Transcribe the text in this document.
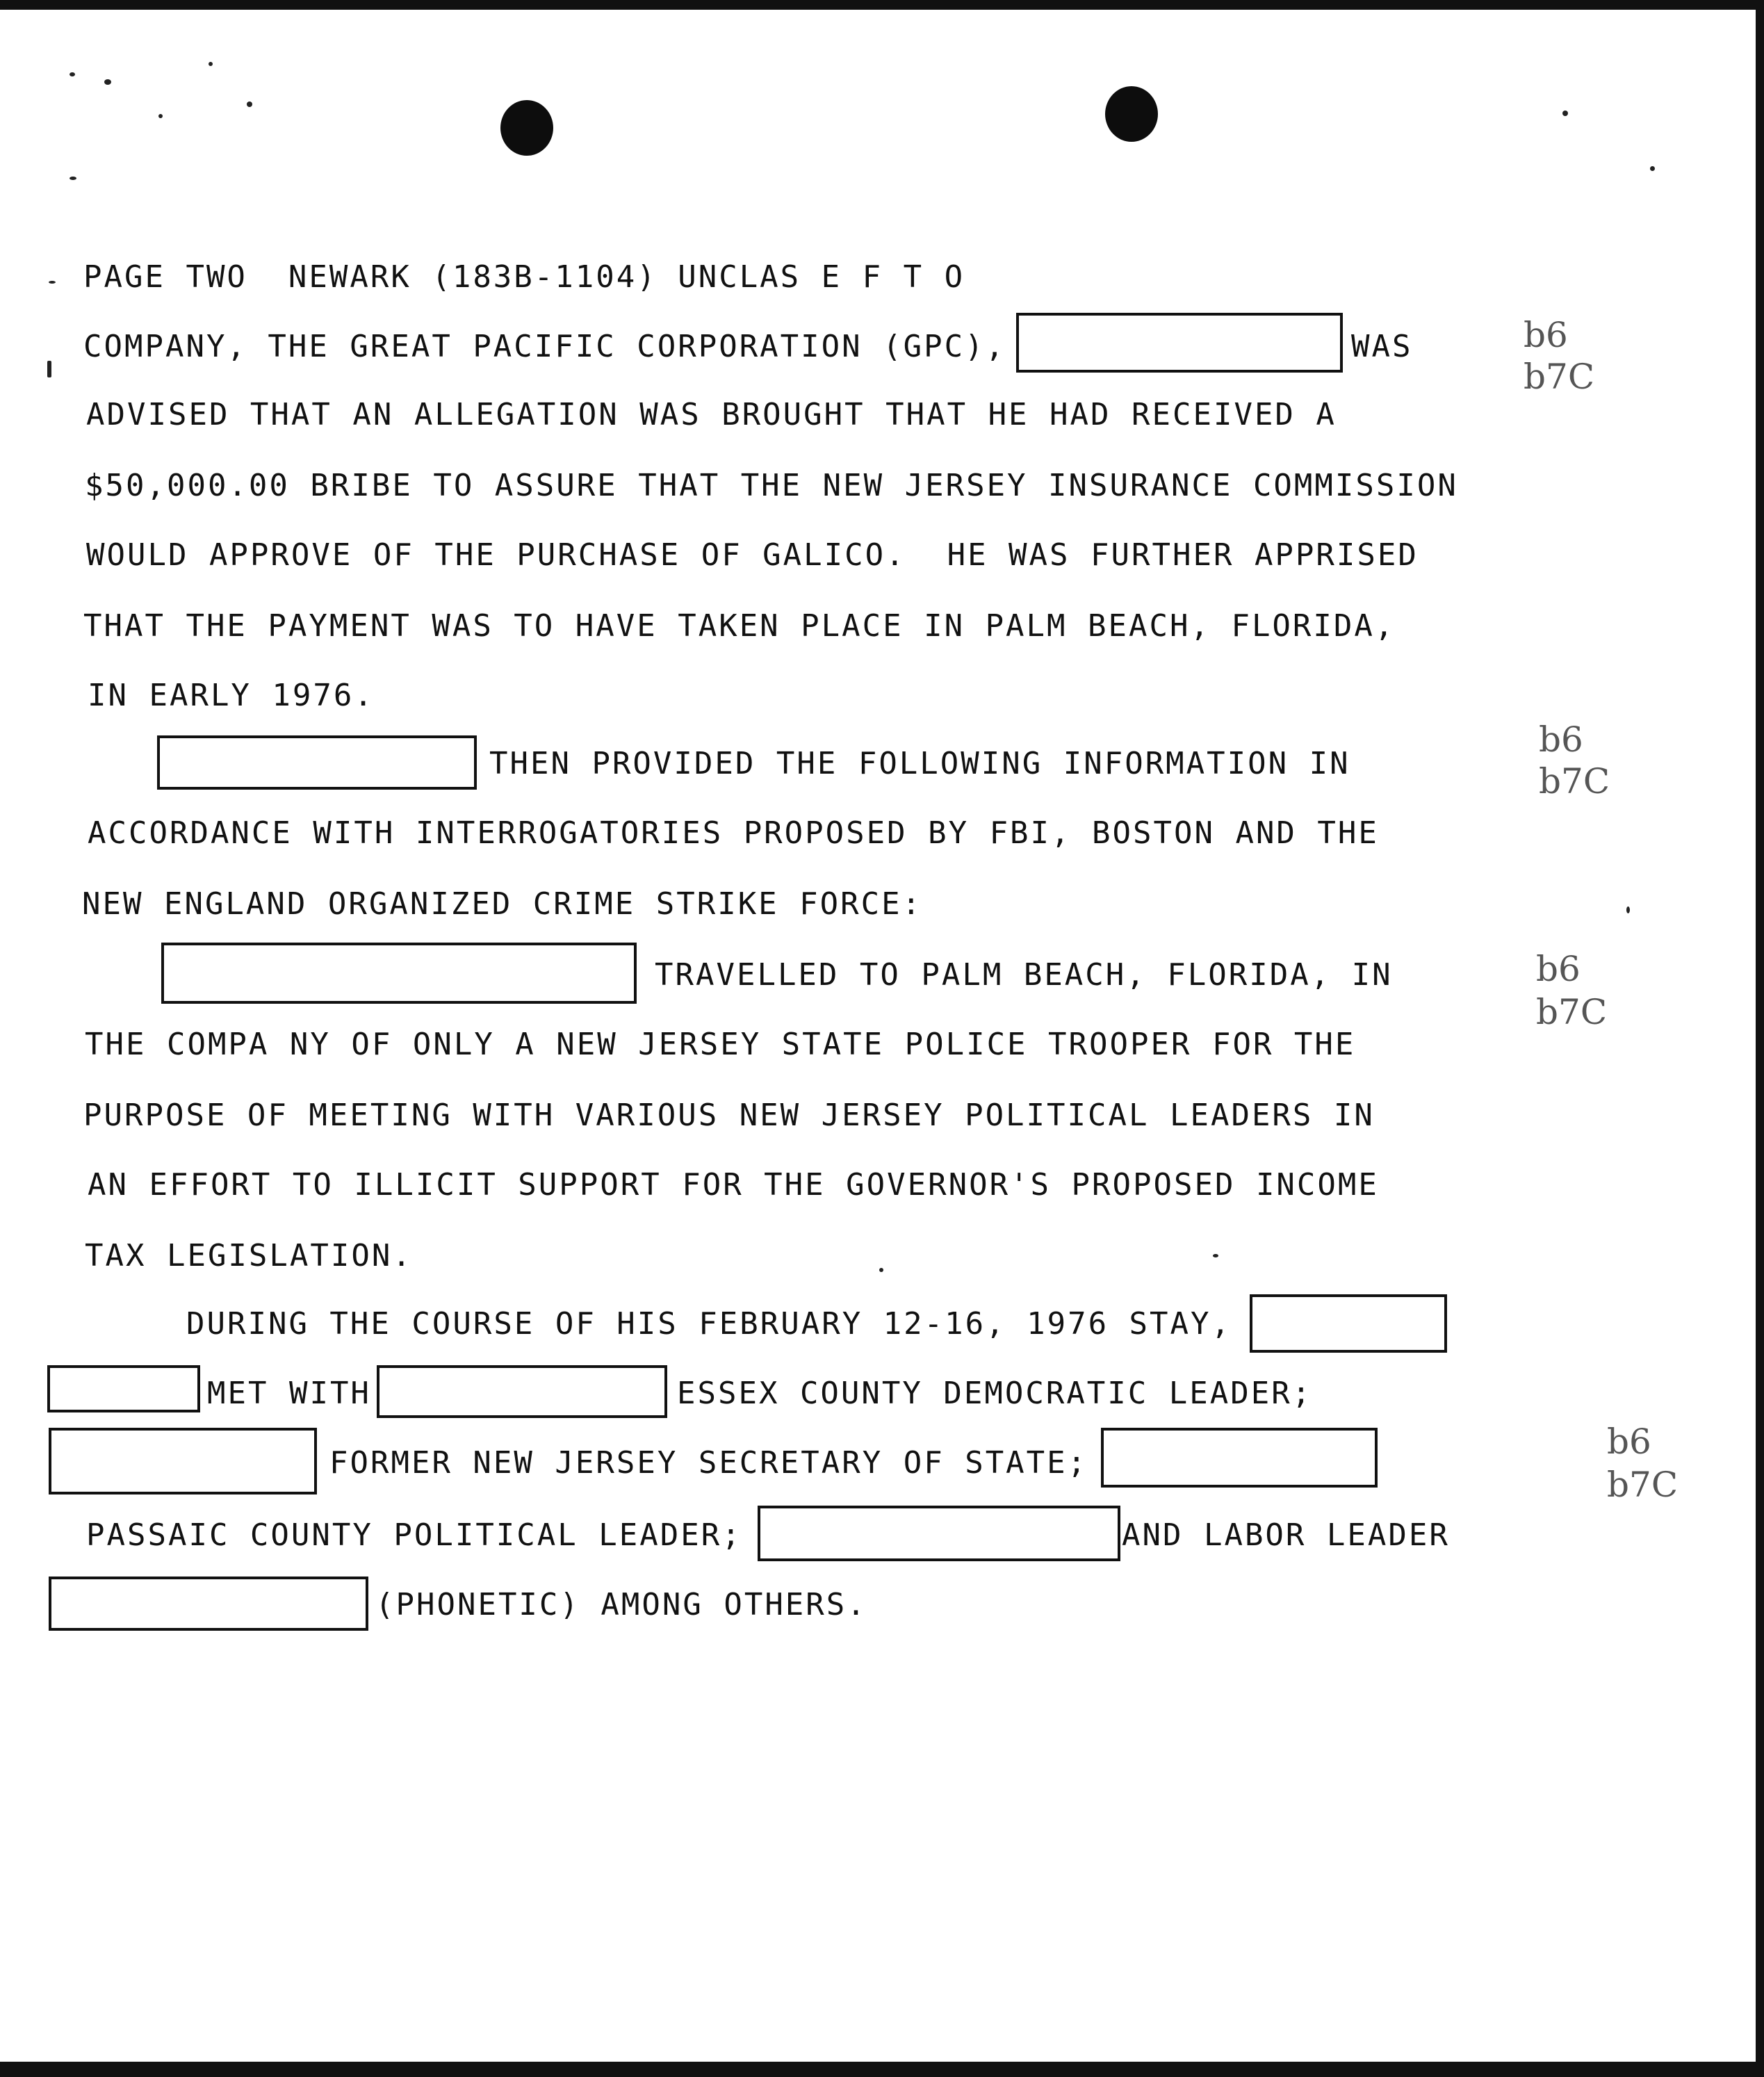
PAGE TWO  NEWARK (183B-1104) UNCLAS E F T O
COMPANY, THE GREAT PACIFIC CORPORATION (GPC),	WAS	b6
b7C
ADVISED THAT AN ALLEGATION WAS BROUGHT THAT HE HAD RECEIVED A
$50,000.00 BRIBE TO ASSURE THAT THE NEW JERSEY INSURANCE COMMISSION
WOULD APPROVE OF THE PURCHASE OF GALICO.  HE WAS FURTHER APPRISED
THAT THE PAYMENT WAS TO HAVE TAKEN PLACE IN PALM BEACH, FLORIDA,
IN EARLY 1976.
THEN PROVIDED THE FOLLOWING INFORMATION IN
b6
b7C
ACCORDANCE WITH INTERROGATORIES PROPOSED BY FBI, BOSTON AND THE
NEW ENGLAND ORGANIZED CRIME STRIKE FORCE:
TRAVELLED TO PALM BEACH, FLORIDA, IN	b6
b7C
THE COMPA NY OF ONLY A NEW JERSEY STATE POLICE TROOPER FOR THE
PURPOSE OF MEETING WITH VARIOUS NEW JERSEY POLITICAL LEADERS IN
AN EFFORT TO ILLICIT SUPPORT FOR THE GOVERNOR'S PROPOSED INCOME
TAX LEGISLATION.
DURING THE COURSE OF HIS FEBRUARY 12-16, 1976 STAY,
MET WITH	ESSEX COUNTY DEMOCRATIC LEADER;
FORMER NEW JERSEY SECRETARY OF STATE;
b6
b7C
PASSAIC COUNTY POLITICAL LEADER;	AND LABOR LEADER
(PHONETIC) AMONG OTHERS.
